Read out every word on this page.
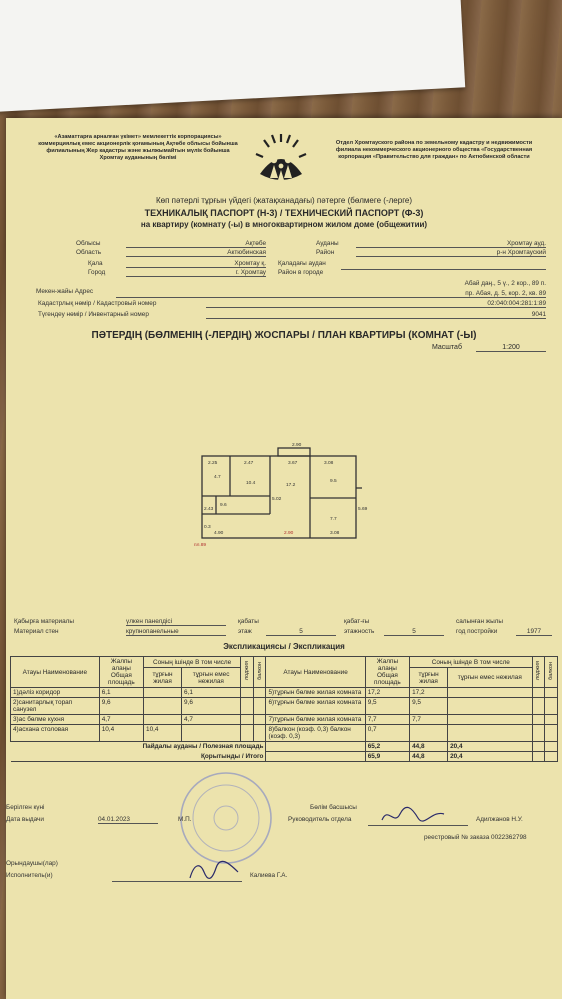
«Азаматтарға арналған үкімет» мемлекеттік корпорациясы» коммерциялық емес акционерлік қоғамының Ақтөбе облысы бойынша филиалының Жер кадастры және жылжымайтын мүлік бойынша Хромтау ауданының бөлімі
Отдел Хромтауского района по земельному кадастру и недвижимости филиала некоммерческого акционерного общества «Государственная корпорация «Правительство для граждан» по Актюбинской области
Көп пәтерлі тұрғын үйдегі (жатақханадағы) пәтерге (бөлмеге (-лерге)
ТЕХНИКАЛЫҚ ПАСПОРТ (Н-3) / ТЕХНИЧЕСКИЙ ПАСПОРТ (Ф-3)
на квартиру (комнату (-ы) в многоквартирном жилом доме (общежитии)
Облысы
Область
Ақтөбе
Актюбинская
Ауданы
Район
Хромтау ауд.
р-н Хромтауский
Қала
Город
Хромтау қ.
г. Хромтау
Қаладағы аудан
Район в городе
Мекен-жайы Адрес
Абай даң., 5 ү., 2 кор., 89 п.
пр. Абая, д. 5, кор. 2, кв. 89
Кадастрлық нөмір / Кадастровый номер	02:040:004:281:1:89
Түгендеу нөмір / Инвентарный номер	9041
ПӘТЕРДІҢ (БӨЛМЕНІҢ (-ЛЕРДІҢ) ЖОСПАРЫ / ПЛАН КВАРТИРЫ (КОМНАТ (-Ы)
Масштаб	1:200
2.90
2.25	2.47	3.67	3.08
4.7
10.4	17.2
9.5
7.7
9.6
2.43
0.3
4.90
5.02
5.69
3.08
2.90
пл.89
Қабырға материалы
Материал стен
үлкен панелдісі
крупнопанельные
қабаты
этаж	5
қабат-ғы
этажность	5
салынған жылы
год постройки	1977
Экспликациясы / Экспликация
Атауы Наименование	Жалпы алаңы Общая площадь	Соның ішінде В том числе		лоджия	балкон	Атауы Наименование	Жалпы алаңы Общая площадь	Соның ішінде В том числе		лоджия	балкон
		тұрғын жилая	тұрғын емес нежилая					тұрғын жилая	тұрғын емес нежилая		
1)дәліз коридор	6,1		6,1			5)тұрғын бөлме жилая комната	17,2	17,2			
2)санитарлық торап санузел	9,6		9,6			6)тұрғын бөлме жилая комната	9,5	9,5			
3)ас бөлме кухня	4,7		4,7			7)тұрғын бөлме жилая комната	7,7	7,7			
4)асхана столовая	10,4	10,4				8)балкон (коэф. 0,3) балкон (коэф. 0,3)	0,7				
Пайдалы ауданы / Полезная площадь							65,2	44,8	20,4		
Қорытынды / Итого							65,9	44,8	20,4		
Берілген күні
Дата выдачи	04.01.2023	М.П.
Бөлім басшысы
Руководитель отдела	Адилжанов Н.У.
реестровый № заказа 0022362798
Орындаушы(лар)
Исполнитель(и)	Калиева Г.А.
